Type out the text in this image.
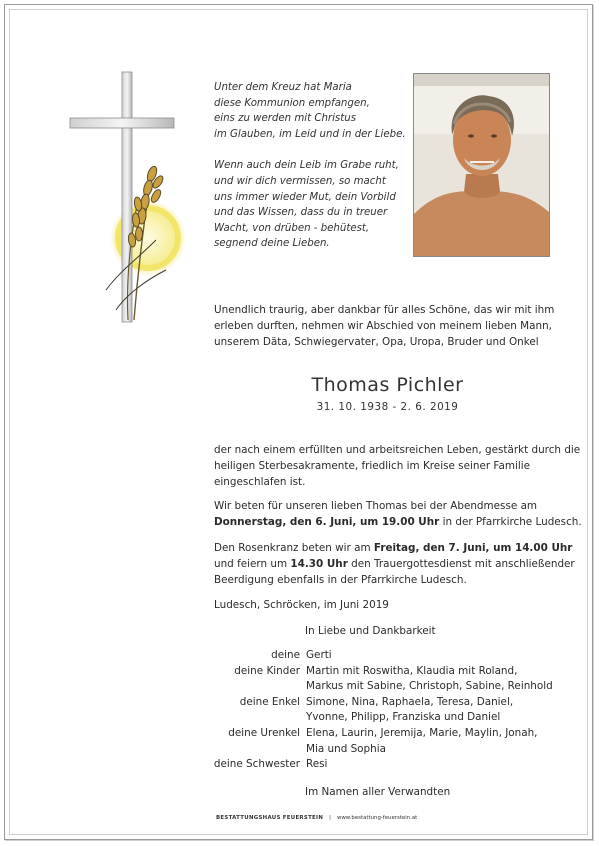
Unter dem Kreuz hat Maria
diese Kommunion empfangen,
eins zu werden mit Christus
im Glauben, im Leid und in der Liebe.

Wenn auch dein Leib im Grabe ruht,
und wir dich vermissen, so macht
uns immer wieder Mut, dein Vorbild
und das Wissen, dass du in treuer
Wacht, von drüben - behütest,
segnend deine Lieben.

Unendlich traurig, aber dankbar für alles Schöne, das wir mit ihm
erleben durften, nehmen wir Abschied von meinem lieben Mann,
unserem Däta, Schwiegervater, Opa, Uropa, Bruder und Onkel
Thomas Pichler
31. 10. 1938 - 2. 6. 2019
der nach einem erfüllten und arbeitsreichen Leben, gestärkt durch die
heiligen Sterbesakramente, friedlich im Kreise seiner Familie
eingeschlafen ist.
Wir beten für unseren lieben Thomas bei der Abendmesse am
Donnerstag, den 6. Juni, um 19.00 Uhr in der Pfarrkirche Ludesch.
Den Rosenkranz beten wir am Freitag, den 7. Juni, um 14.00 Uhr
und feiern um 14.30 Uhr den Trauergottesdienst mit anschließender
Beerdigung ebenfalls in der Pfarrkirche Ludesch.
Ludesch, Schröcken, im Juni 2019
In Liebe und Dankbarkeit
deine Gerti
deine Kinder Martin mit Roswitha, Klaudia mit Roland,
Markus mit Sabine, Christoph, Sabine, Reinhold
deine Enkel Simone, Nina, Raphaela, Teresa, Daniel,
Yvonne, Philipp, Franziska und Daniel
deine Urenkel Elena, Laurin, Jeremija, Marie, Maylin, Jonah,
Mia und Sophia
deine Schwester Resi
Im Namen aller Verwandten
BESTATTUNGSHAUS FEUERSTEIN | www.bestattung-feuerstein.at
